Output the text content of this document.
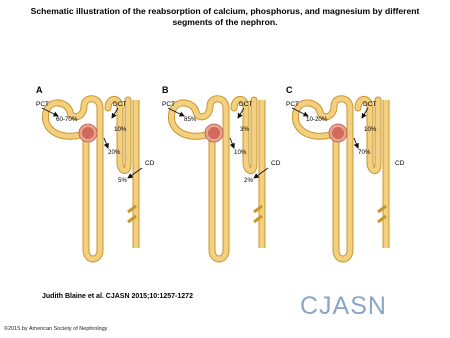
Schematic illustration of the reabsorption of calcium, phosphorus, and magnesium by different
segments of the nephron.
A
PCT	DCT
CD
60-70%
10%
20%
5%
B
PCT	DCT
CD
85%
3%
10%
2%
C
PCT	DCT
CD
10-20%
10%
70%
Judith Blaine et al. CJASN 2015;10:1257-1272	CJASN
©2015 by American Society of Nephrology
